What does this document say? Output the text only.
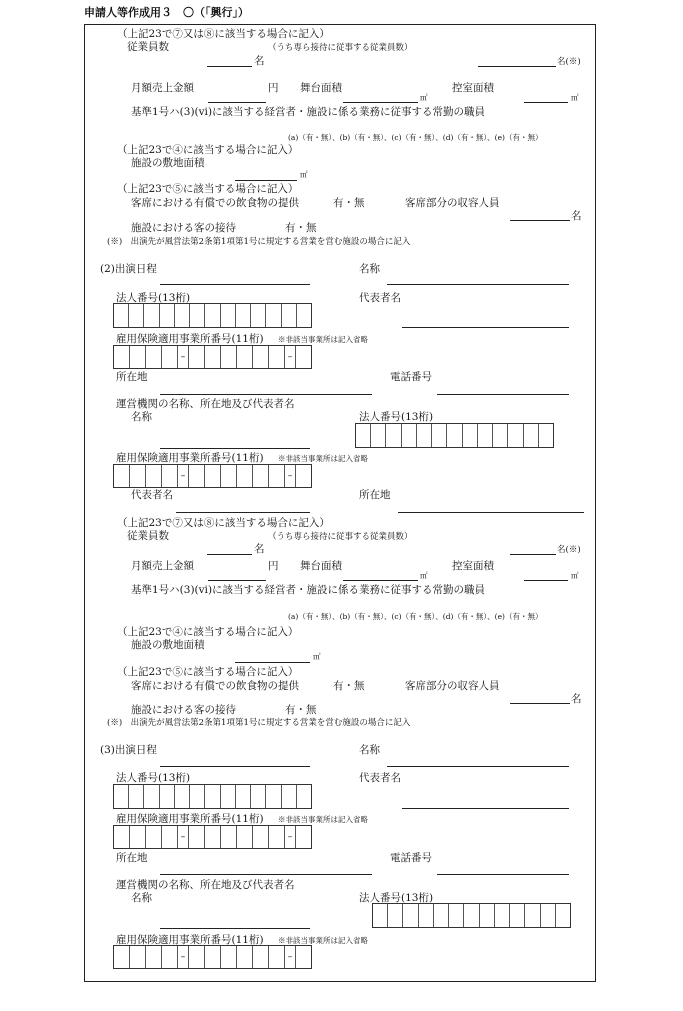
申請人等作成用３　〇（「興行」）
（上記23で⑦又は⑧に該当する場合に記入）
従業員数	（うち専ら接待に従事する従業員数）
名	名(※)
月額売上金額	円 舞台面積	控室面積
㎡	㎡
基準1号ハ(3)(ⅵ)に該当する経営者・施設に係る業務に従事する常勤の職員
(a)（有・無）、(b)（有・無）、(c)（有・無）、(d)（有・無）、(e)（有・無）
（上記23で④に該当する場合に記入）
施設の敷地面積
㎡
（上記23で⑤に該当する場合に記入）
客席における有償での飲食物の提供	有・無	客席部分の収容人員
名
施設における客の接待	有・無
(※)　出演先が風営法第2条第1項第1号に規定する営業を営む施設の場合に記入
(2)出演日程	名称
法人番号(13桁)	代表者名
雇用保険適用事業所番号(11桁) ※非該当事業所は記入省略
–	–
所在地	電話番号
運営機関の名称、所在地及び代表者名
名称	法人番号(13桁)
雇用保険適用事業所番号(11桁) ※非該当事業所は記入省略
–	–
代表者名	所在地
（上記23で⑦又は⑧に該当する場合に記入）
従業員数	（うち専ら接待に従事する従業員数）
名	名(※)
月額売上金額	円 舞台面積	控室面積
㎡	㎡
基準1号ハ(3)(ⅵ)に該当する経営者・施設に係る業務に従事する常勤の職員
(a)（有・無）、(b)（有・無）、(c)（有・無）、(d)（有・無）、(e)（有・無）
（上記23で④に該当する場合に記入）
施設の敷地面積
㎡
（上記23で⑤に該当する場合に記入）
客席における有償での飲食物の提供	有・無	客席部分の収容人員
名
施設における客の接待	有・無
(※)　出演先が風営法第2条第1項第1号に規定する営業を営む施設の場合に記入
(3)出演日程	名称
法人番号(13桁)	代表者名
雇用保険適用事業所番号(11桁) ※非該当事業所は記入省略
–	–
所在地	電話番号
運営機関の名称、所在地及び代表者名
名称	法人番号(13桁)
雇用保険適用事業所番号(11桁) ※非該当事業所は記入省略
–	–
